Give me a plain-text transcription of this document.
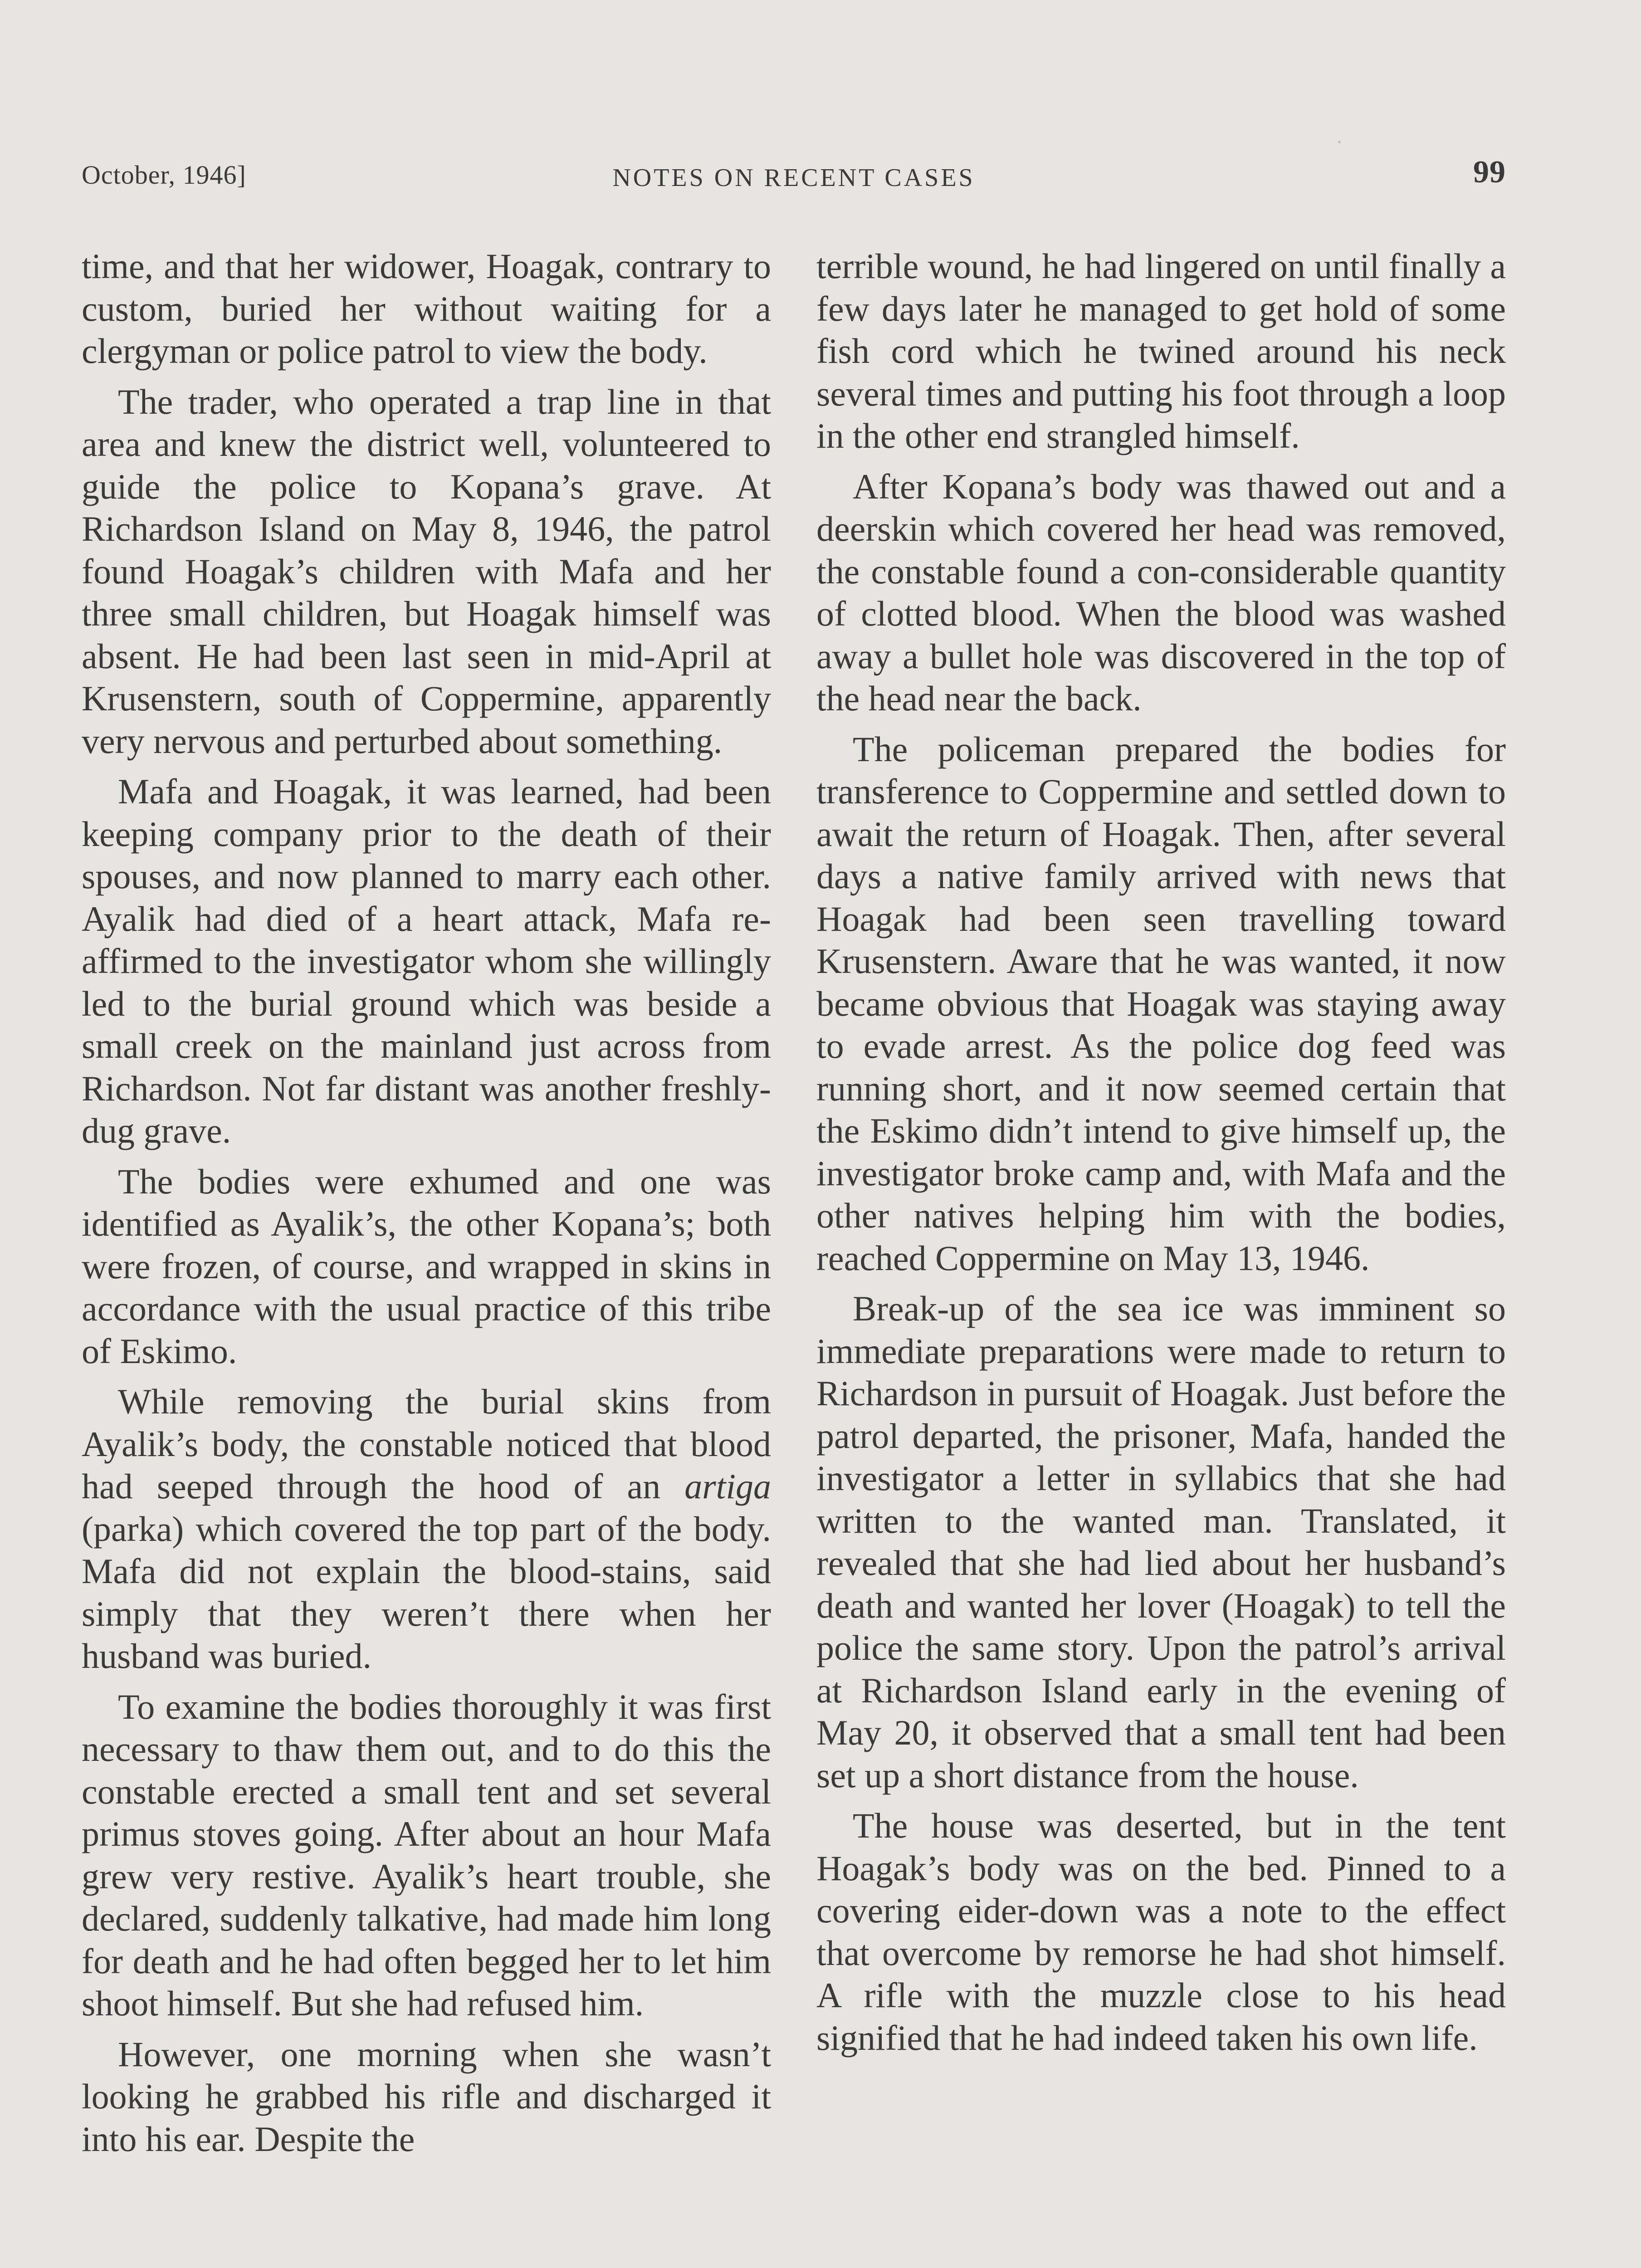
October, 1946]	NOTES ON RECENT CASES	99

time, and that her widower, Hoagak, contrary to custom, buried her without waiting for a clergyman or police patrol to view the body.

The trader, who operated a trap line in that area and knew the district well, volunteered to guide the police to Kopana’s grave. At Richardson Island on May 8, 1946, the patrol found Hoagak’s children with Mafa and her three small children, but Hoagak himself was absent. He had been last seen in mid-April at Krusenstern, south of Coppermine, apparently very nervous and perturbed about something.

Mafa and Hoagak, it was learned, had been keeping company prior to the death of their spouses, and now planned to marry each other. Ayalik had died of a heart attack, Mafa re-affirmed to the investigator whom she willingly led to the burial ground which was beside a small creek on the mainland just across from Richardson. Not far distant was another freshly-dug grave.

The bodies were exhumed and one was identified as Ayalik’s, the other Kopana’s; both were frozen, of course, and wrapped in skins in accordance with the usual practice of this tribe of Eskimo.

While removing the burial skins from Ayalik’s body, the constable noticed that blood had seeped through the hood of an artiga (parka) which covered the top part of the body. Mafa did not explain the blood-stains, said simply that they weren’t there when her husband was buried.

To examine the bodies thoroughly it was first necessary to thaw them out, and to do this the constable erected a small tent and set several primus stoves going. After about an hour Mafa grew very restive. Ayalik’s heart trouble, she declared, suddenly talkative, had made him long for death and he had often begged her to let him shoot himself. But she had refused him.

However, one morning when she wasn’t looking he grabbed his rifle and discharged it into his ear. Despite the

terrible wound, he had lingered on until finally a few days later he managed to get hold of some fish cord which he twined around his neck several times and putting his foot through a loop in the other end strangled himself.

After Kopana’s body was thawed out and a deerskin which covered her head was removed, the constable found a con-considerable quantity of clotted blood. When the blood was washed away a bullet hole was discovered in the top of the head near the back.

The policeman prepared the bodies for transference to Coppermine and settled down to await the return of Hoagak. Then, after several days a native family arrived with news that Hoagak had been seen travelling toward Krusenstern. Aware that he was wanted, it now became obvious that Hoagak was staying away to evade arrest. As the police dog feed was running short, and it now seemed certain that the Eskimo didn’t intend to give himself up, the investigator broke camp and, with Mafa and the other natives helping him with the bodies, reached Coppermine on May 13, 1946.

Break-up of the sea ice was imminent so immediate preparations were made to return to Richardson in pursuit of Hoagak. Just before the patrol departed, the prisoner, Mafa, handed the investigator a letter in syllabics that she had written to the wanted man. Translated, it revealed that she had lied about her husband’s death and wanted her lover (Hoagak) to tell the police the same story. Upon the patrol’s arrival at Richardson Island early in the evening of May 20, it observed that a small tent had been set up a short distance from the house.

The house was deserted, but in the tent Hoagak’s body was on the bed. Pinned to a covering eider-down was a note to the effect that overcome by remorse he had shot himself. A rifle with the muzzle close to his head signified that he had indeed taken his own life.
